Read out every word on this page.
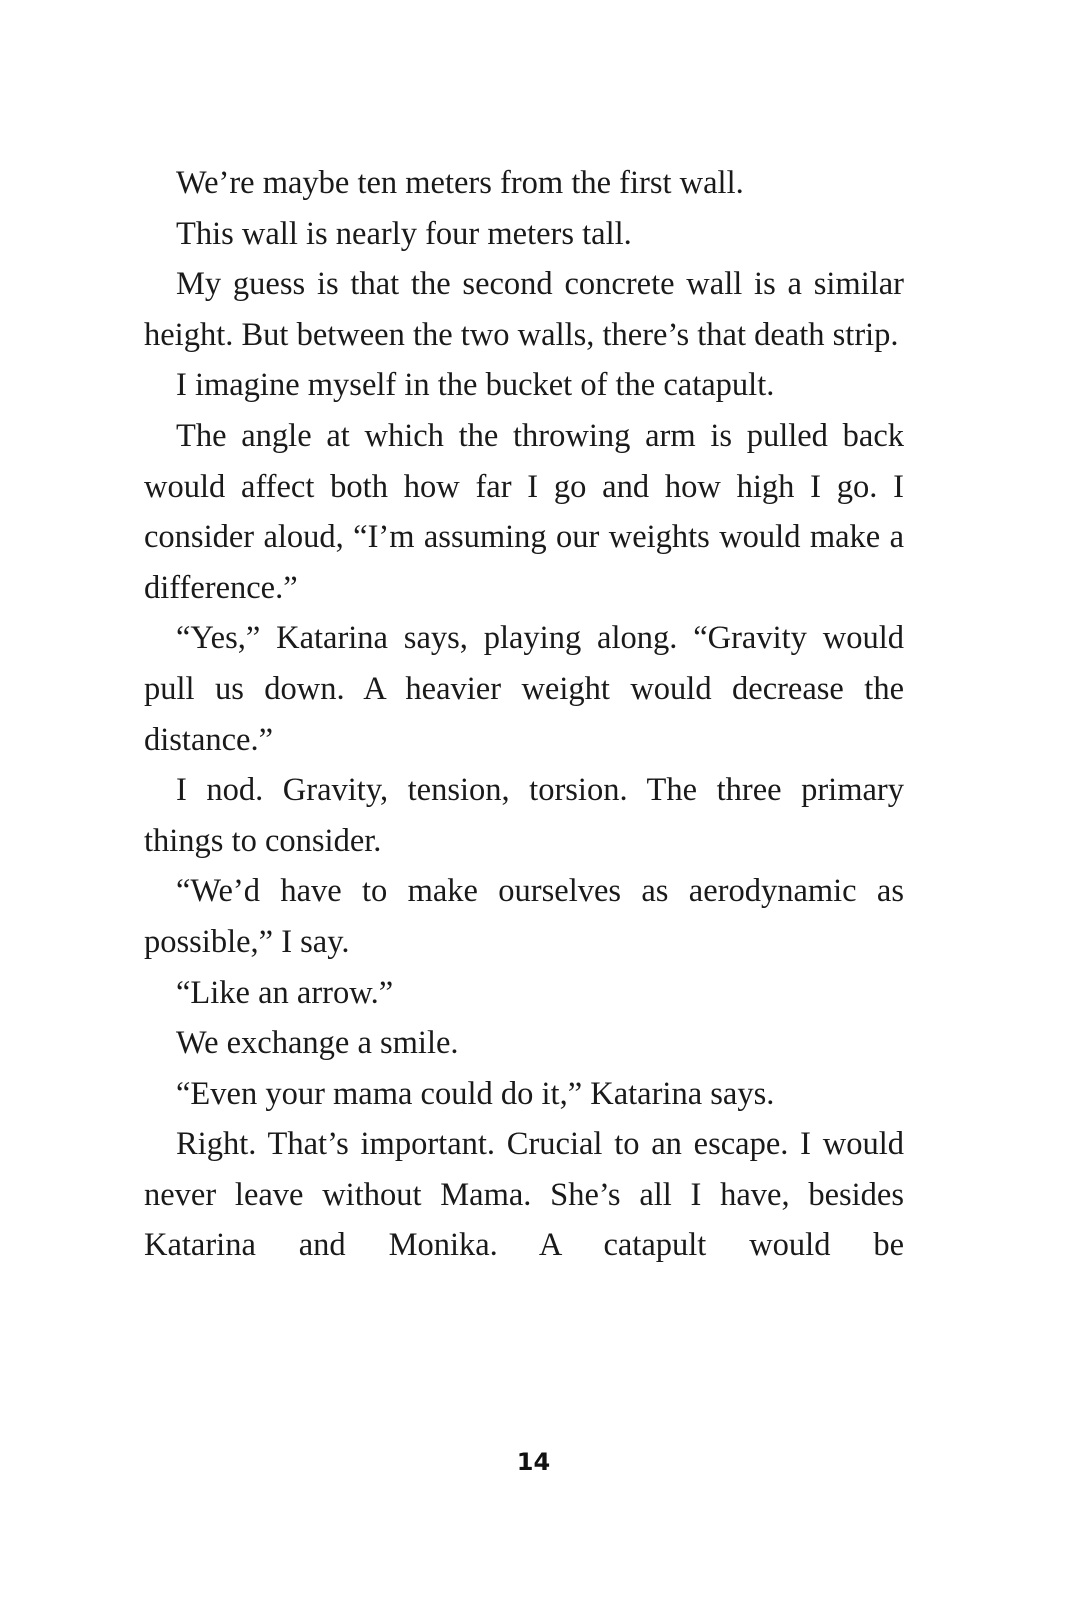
We’re maybe ten meters from the first wall.

This wall is nearly four meters tall.

My guess is that the second concrete wall is a similar height. But between the two walls, there’s that death strip.

I imagine myself in the bucket of the catapult.

The angle at which the throwing arm is pulled back would affect both how far I go and how high I go. I consider aloud, “I’m assuming our weights would make a difference.”

“Yes,” Katarina says, playing along. “Gravity would pull us down. A heavier weight would decrease the distance.”

I nod. Gravity, tension, torsion. The three primary things to consider.

“We’d have to make ourselves as aerodynamic as possible,” I say.

“Like an arrow.”

We exchange a smile.

“Even your mama could do it,” Katarina says.

Right. That’s important. Crucial to an escape. I would never leave without Mama. She’s all I have, besides Katarina and Monika. A catapult would be

14
